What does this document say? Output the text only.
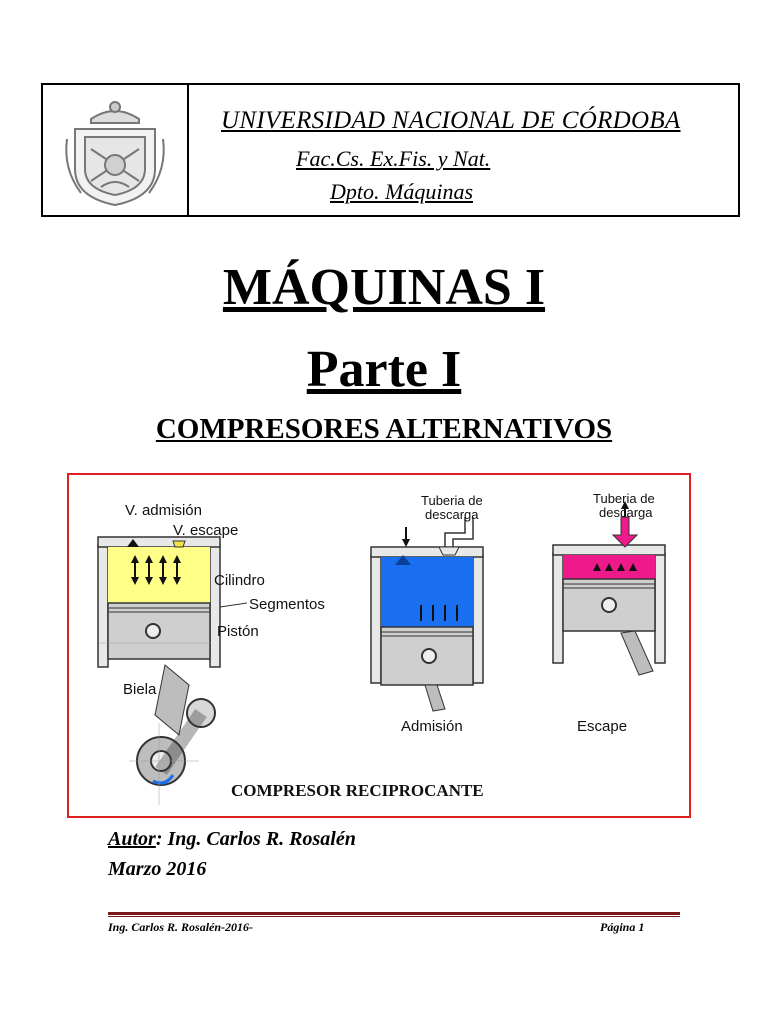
UNIVERSIDAD NACIONAL DE CÓRDOBA
Fac.Cs. Ex.Fis. y Nat.
Dpto. Máquinas
MÁQUINAS I
Parte I
COMPRESORES ALTERNATIVOS
V. admisión
V. escape
Cilindro
Segmentos
Pistón
Biela
Tuberia de
descarga
Tuberia de
descarga
Admisión	Escape
COMPRESOR RECIPROCANTE
Autor: Ing. Carlos R. Rosalén
Marzo 2016
Ing. Carlos R. Rosalén-2016-	Página 1
